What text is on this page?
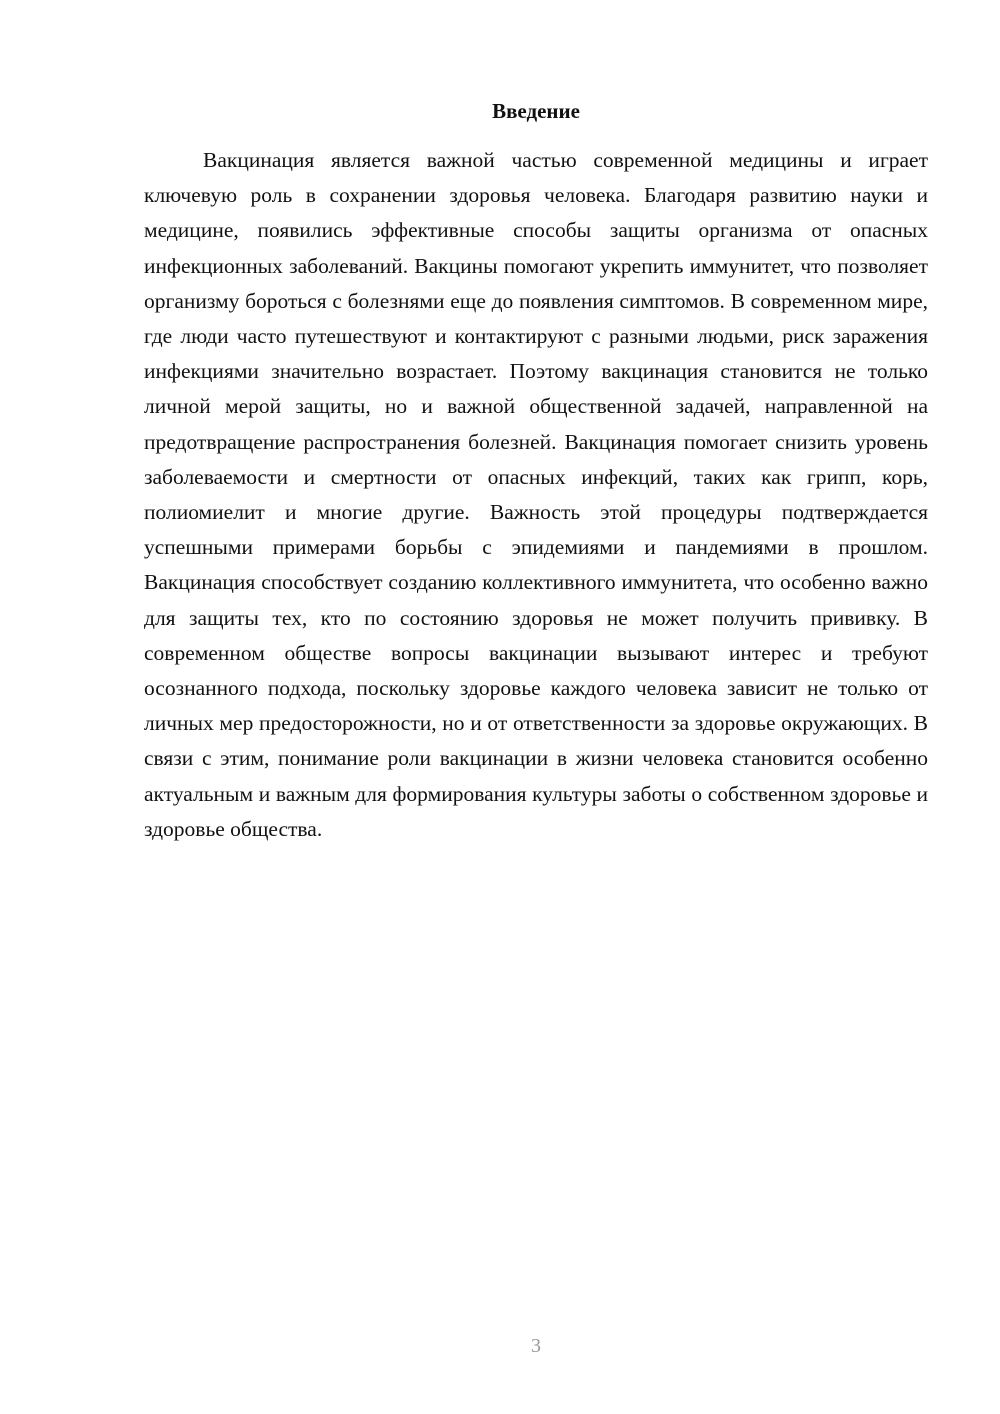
Введение

Вакцинация является важной частью современной медицины и играет ключевую роль в сохранении здоровья человека. Благодаря развитию науки и медицине, появились эффективные способы защиты организма от опасных инфекционных заболеваний. Вакцины помогают укрепить иммунитет, что позволяет организму бороться с болезнями еще до появления симптомов. В современном мире, где люди часто путешествуют и контактируют с разными людьми, риск заражения инфекциями значительно возрастает. Поэтому вакцинация становится не только личной мерой защиты, но и важной общественной задачей, направленной на предотвращение распространения болезней. Вакцинация помогает снизить уровень заболеваемости и смертности от опасных инфекций, таких как грипп, корь, полиомиелит и многие другие. Важность этой процедуры подтверждается успешными примерами борьбы с эпидемиями и пандемиями в прошлом. Вакцинация способствует созданию коллективного иммунитета, что особенно важно для защиты тех, кто по состоянию здоровья не может получить прививку. В современном обществе вопросы вакцинации вызывают интерес и требуют осознанного подхода, поскольку здоровье каждого человека зависит не только от личных мер предосторожности, но и от ответственности за здоровье окружающих. В связи с этим, понимание роли вакцинации в жизни человека становится особенно актуальным и важным для формирования культуры заботы о собственном здоровье и здоровье общества.

3
